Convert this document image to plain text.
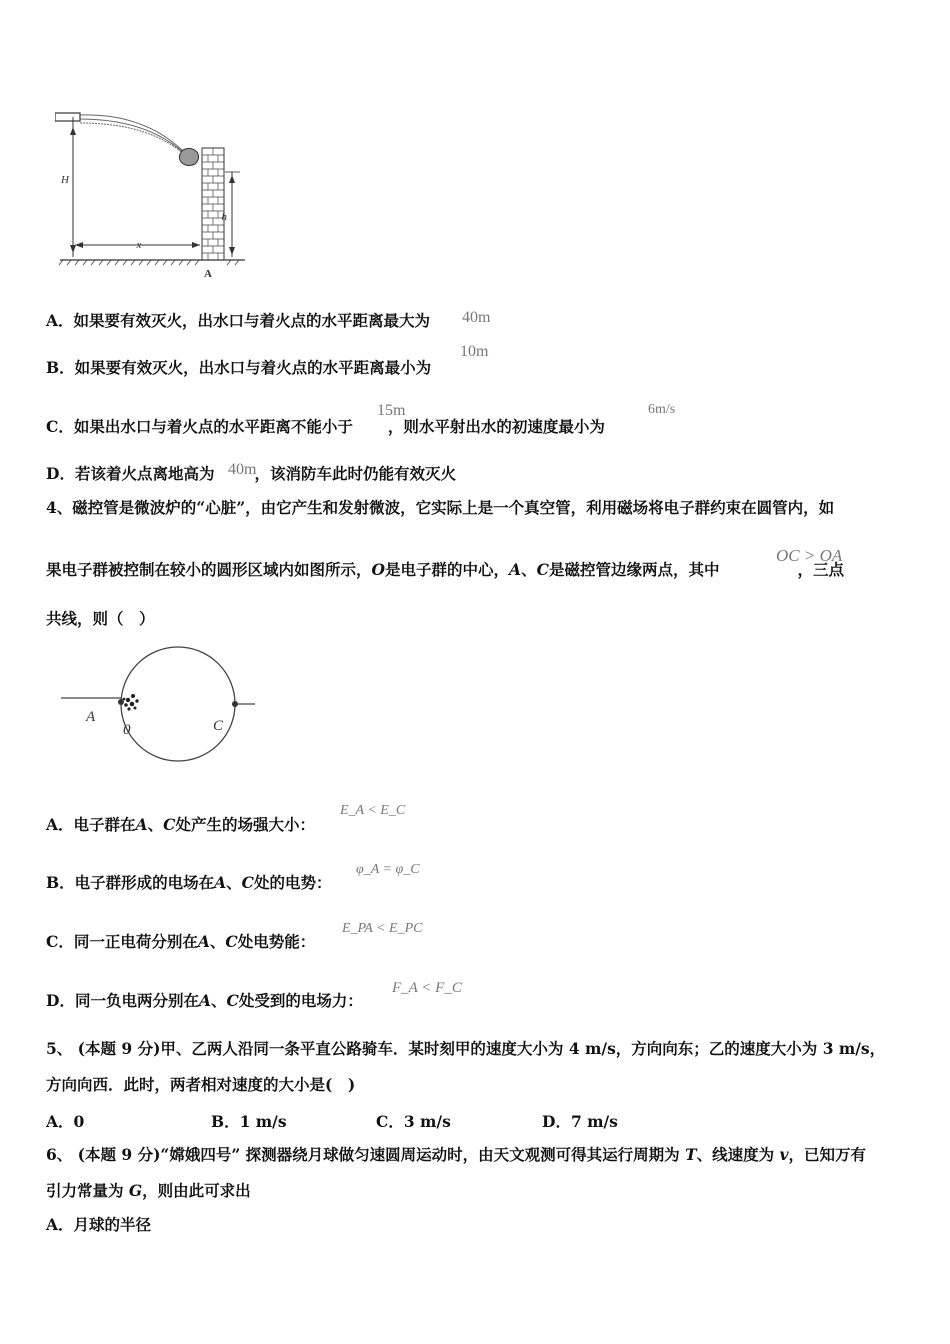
H
h
x
A
A．如果要有效灭火，出水口与着火点的水平距离最大为 40m
B．如果要有效灭火，出水口与着火点的水平距离最小为
10m
C．如果出水口与着火点的水平距离不能小于 ，则水平射出水的初速度最小为
15m	6m/s
D．若该着火点离地高为	，该消防车此时仍能有效灭火
40m
4、磁控管是微波炉的“心脏”，由它产生和发射微波，它实际上是一个真空管，利用磁场将电子群约束在圆管内，如
果电子群被控制在较小的圆形区域内如图所示，O是电子群的中心，A、C是磁控管边缘两点，其中	，三点
OC > OA
共线，则（　）
A
0	C
A．电子群在A、C处产生的场强大小：
E_A < E_C
B．电子群形成的电场在A、C处的电势：
φ_A = φ_C
C．同一正电荷分别在A、C处电势能：
E_PA < E_PC
D．同一负电两分别在A、C处受到的电场力：
F_A < F_C
5、 (本题 9 分)甲、乙两人沿同一条平直公路骑车．某时刻甲的速度大小为 4 m/s，方向向东；乙的速度大小为 3 m/s，
方向向西．此时，两者相对速度的大小是(　)
A．0	B．1 m/s	C．3 m/s	D．7 m/s
6、 (本题 9 分)“嫦娥四号” 探测器绕月球做匀速圆周运动时，由天文观测可得其运行周期为 T、线速度为 v，已知万有
引力常量为 G，则由此可求出
A．月球的半径
